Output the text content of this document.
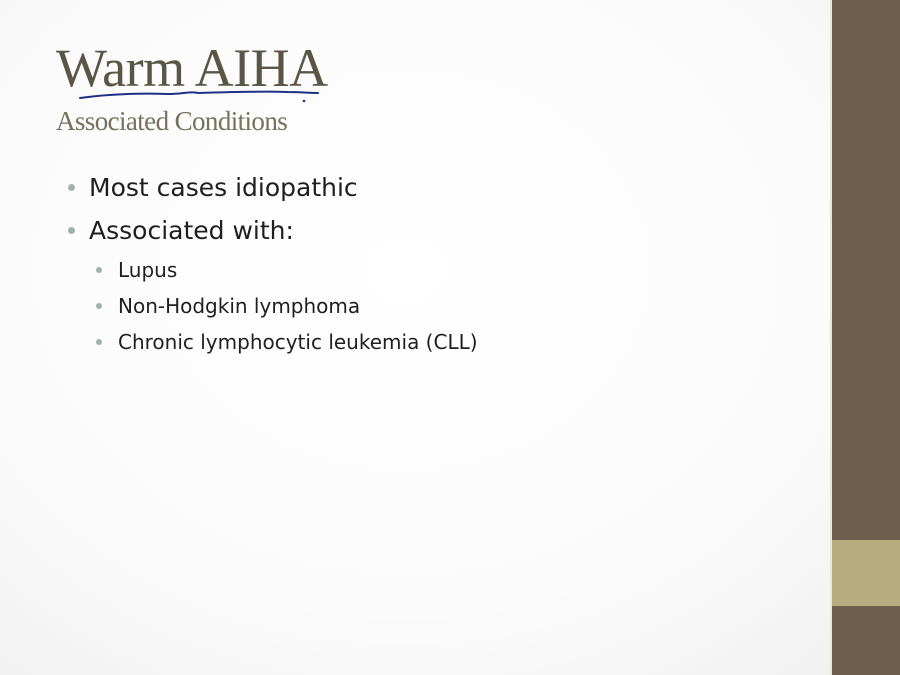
Warm AIHA
Associated Conditions
Most cases idiopathic
Associated with:
Lupus
Non-Hodgkin lymphoma
Chronic lymphocytic leukemia (CLL)
